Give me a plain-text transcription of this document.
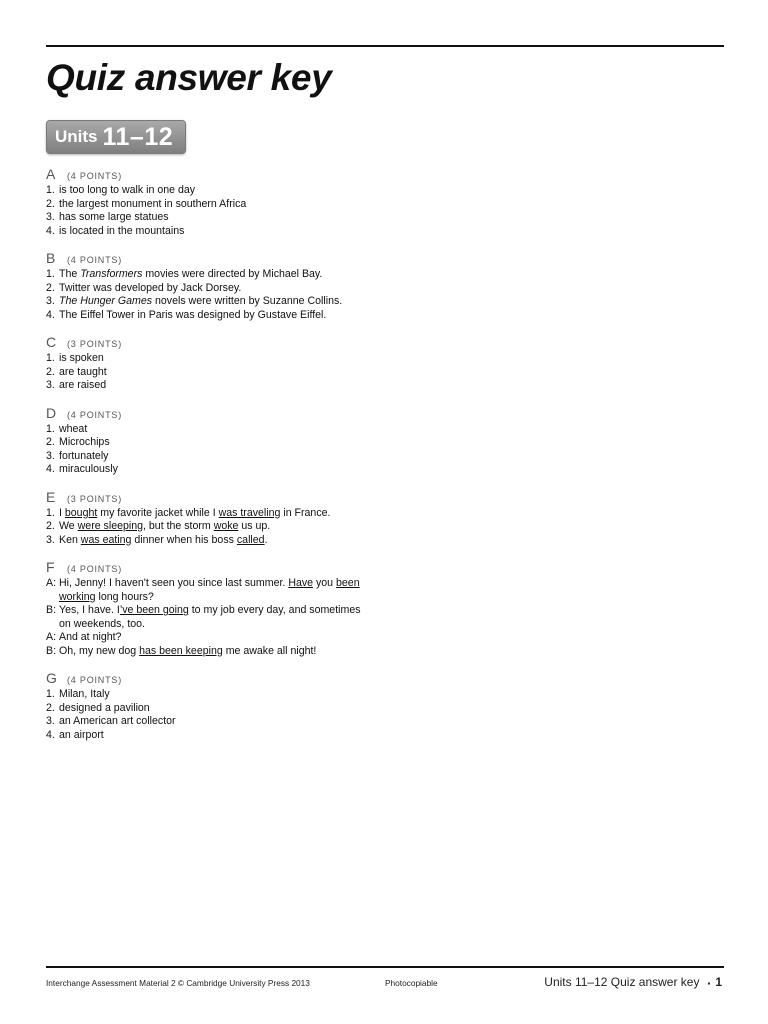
Quiz answer key
Units 11–12
A	(4 POINTS)
1. is too long to walk in one day
2. the largest monument in southern Africa
3. has some large statues
4. is located in the mountains
B	(4 POINTS)
1. The Transformers movies were directed by Michael Bay.
2. Twitter was developed by Jack Dorsey.
3. The Hunger Games novels were written by Suzanne Collins.
4. The Eiffel Tower in Paris was designed by Gustave Eiffel.
C	(3 POINTS)
1. is spoken
2. are taught
3. are raised
D	(4 POINTS)
1. wheat
2. Microchips
3. fortunately
4. miraculously
E	(3 POINTS)
1. I bought my favorite jacket while I was traveling in France.
2. We were sleeping, but the storm woke us up.
3. Ken was eating dinner when his boss called.
F	(4 POINTS)
A: Hi, Jenny! I haven't seen you since last summer. Have you been working long hours?
B: Yes, I have. I’ve been going to my job every day, and sometimes on weekends, too.
A: And at night?
B: Oh, my new dog has been keeping me awake all night!
G	(4 POINTS)
1. Milan, Italy
2. designed a pavilion
3. an American art collector
4. an airport
Interchange Assessment Material 2 © Cambridge University Press 2013	Photocopiable	Units 11–12 Quiz answer key ▪ 1
